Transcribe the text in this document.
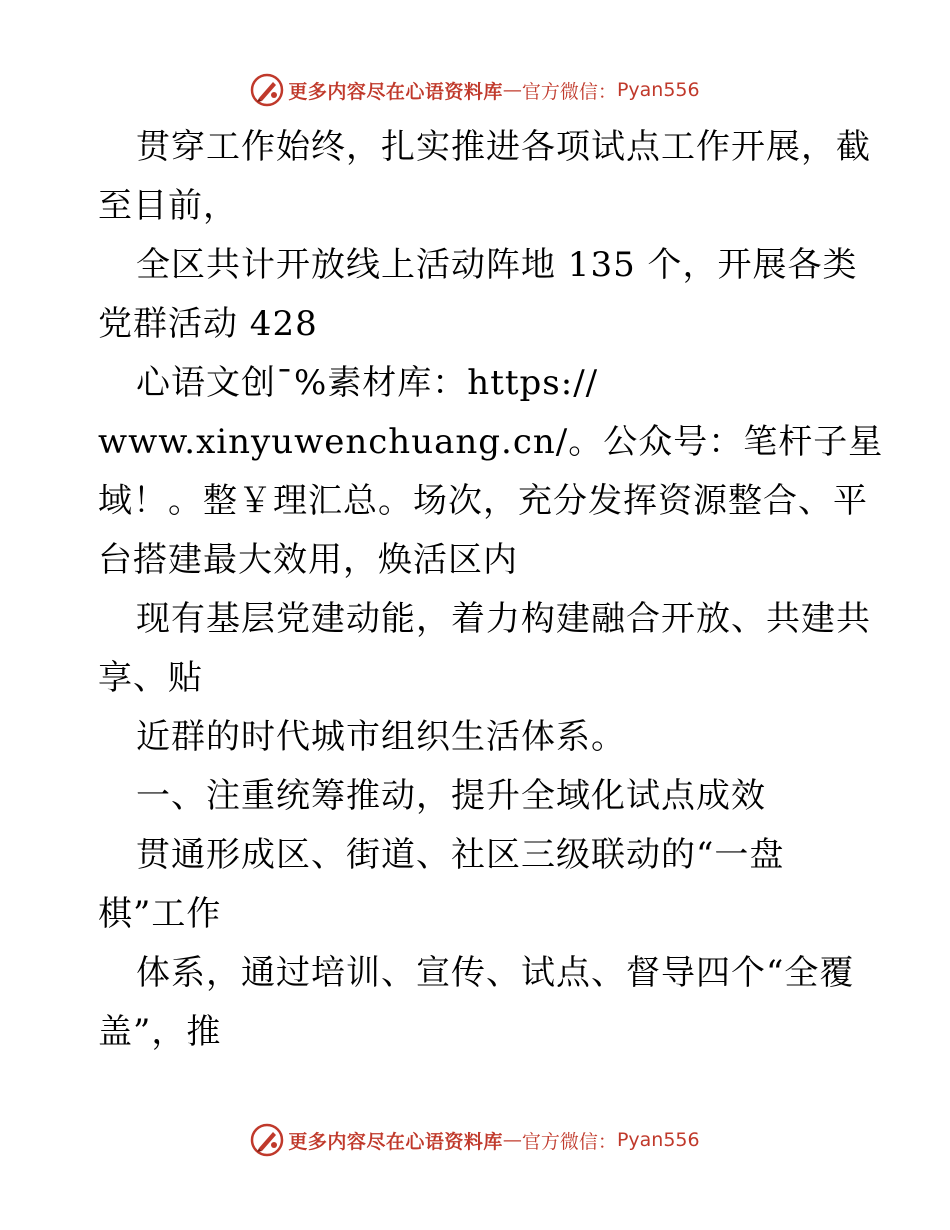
更多内容尽在心语资料库 — 官方微信： Pyan556
贯穿工作始终，扎实推进各项试点工作开展，截
至目前，
全区共计开放线上活动阵地 135 个，开展各类
党群活动 428
心语文创¯%素材库：https://
www.xinyuwenchuang.cn/。公众号：笔杆子星
域！。整￥理汇总。场次，充分发挥资源整合、平
台搭建最大效用，焕活区内
现有基层党建动能，着力构建融合开放、共建共
享、贴
近群的时代城市组织生活体系。
一、注重统筹推动，提升全域化试点成效
贯通形成区、街道、社区三级联动的“一盘
棋”工作
体系，通过培训、宣传、试点、督导四个“全覆
盖”，推
更多内容尽在心语资料库 — 官方微信： Pyan556
